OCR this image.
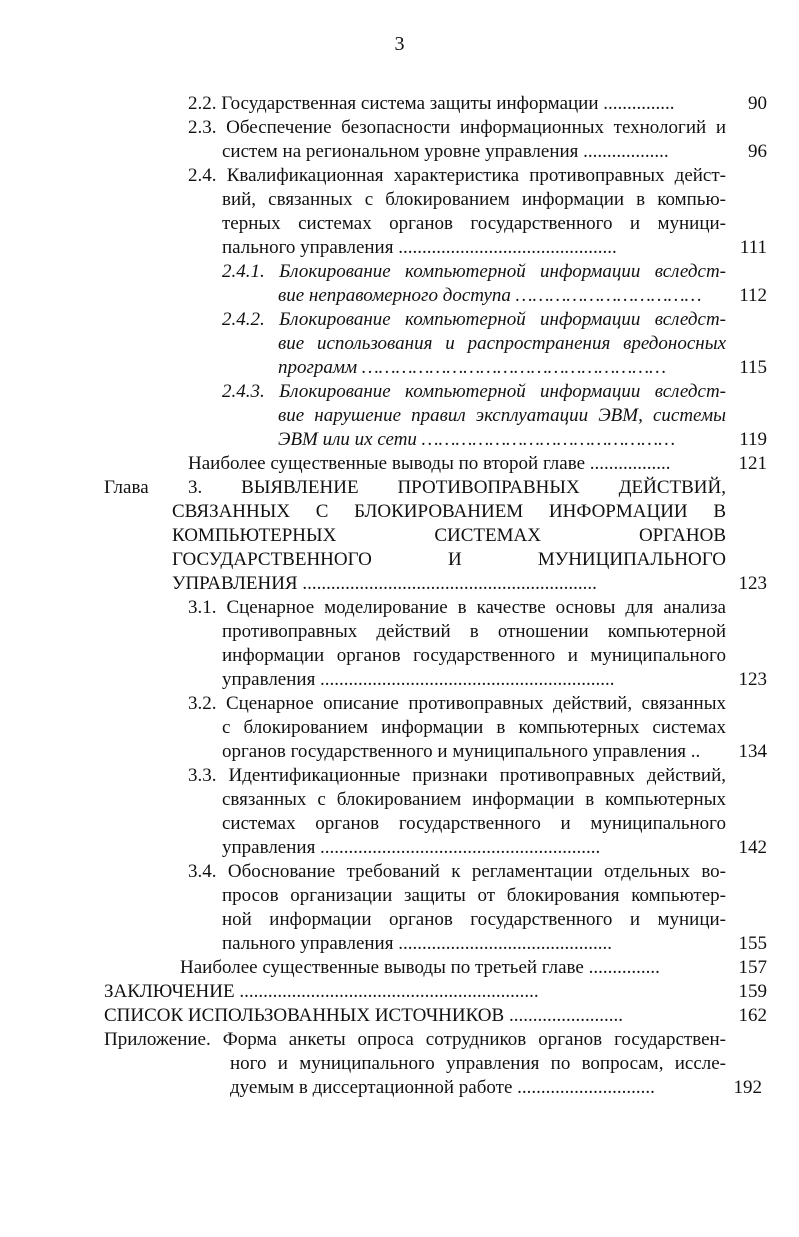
3
2.2. Государственная система защиты информации ...............	90
2.3. Обеспечение безопасности информационных технологий и
систем на региональном уровне управления ..................	96
2.4. Квалификационная характеристика противоправных дейст-
вий, связанных с блокированием информации в компью-
терных системах органов государственного и муници-
пального управления ..............................................	111
2.4.1. Блокирование компьютерной информации вследст-
вие неправомерного доступа ……………………………	112
2.4.2. Блокирование компьютерной информации вследст-
вие использования и распространения вредоносных
программ ………………………………………………	115
2.4.3. Блокирование компьютерной информации вследст-
вие нарушение правил эксплуатации ЭВМ, системы
ЭВМ или их сети ………………………………………	119
Наиболее существенные выводы по второй главе .................	121
Глава 3. ВЫЯВЛЕНИЕ ПРОТИВОПРАВНЫХ ДЕЙСТВИЙ,
СВЯЗАННЫХ С БЛОКИРОВАНИЕМ ИНФОРМАЦИИ В
КОМПЬЮТЕРНЫХ СИСТЕМАХ ОРГАНОВ
ГОСУДАРСТВЕННОГО И МУНИЦИПАЛЬНОГО
УПРАВЛЕНИЯ ..............................................................	123
3.1. Сценарное моделирование в качестве основы для анализа
противоправных действий в отношении компьютерной
информации органов государственного и муниципального
управления ..............................................................	123
3.2. Сценарное описание противоправных действий, связанных
с блокированием информации в компьютерных системах
органов государственного и муниципального управления ..	134
3.3. Идентификационные признаки противоправных действий,
связанных с блокированием информации в компьютерных
системах органов государственного и муниципального
управления ...........................................................	142
3.4. Обоснование требований к регламентации отдельных во-
просов организации защиты от блокирования компьютер-
ной информации органов государственного и муници-
пального управления .............................................	155
Наиболее существенные выводы по третьей главе ...............	157
ЗАКЛЮЧЕНИЕ ...............................................................	159
СПИСОК ИСПОЛЬЗОВАННЫХ ИСТОЧНИКОВ ........................	162
Приложение. Форма анкеты опроса сотрудников органов государствен-
ного и муниципального управления по вопросам, иссле-
дуемым в диссертационной работе .............................	192
